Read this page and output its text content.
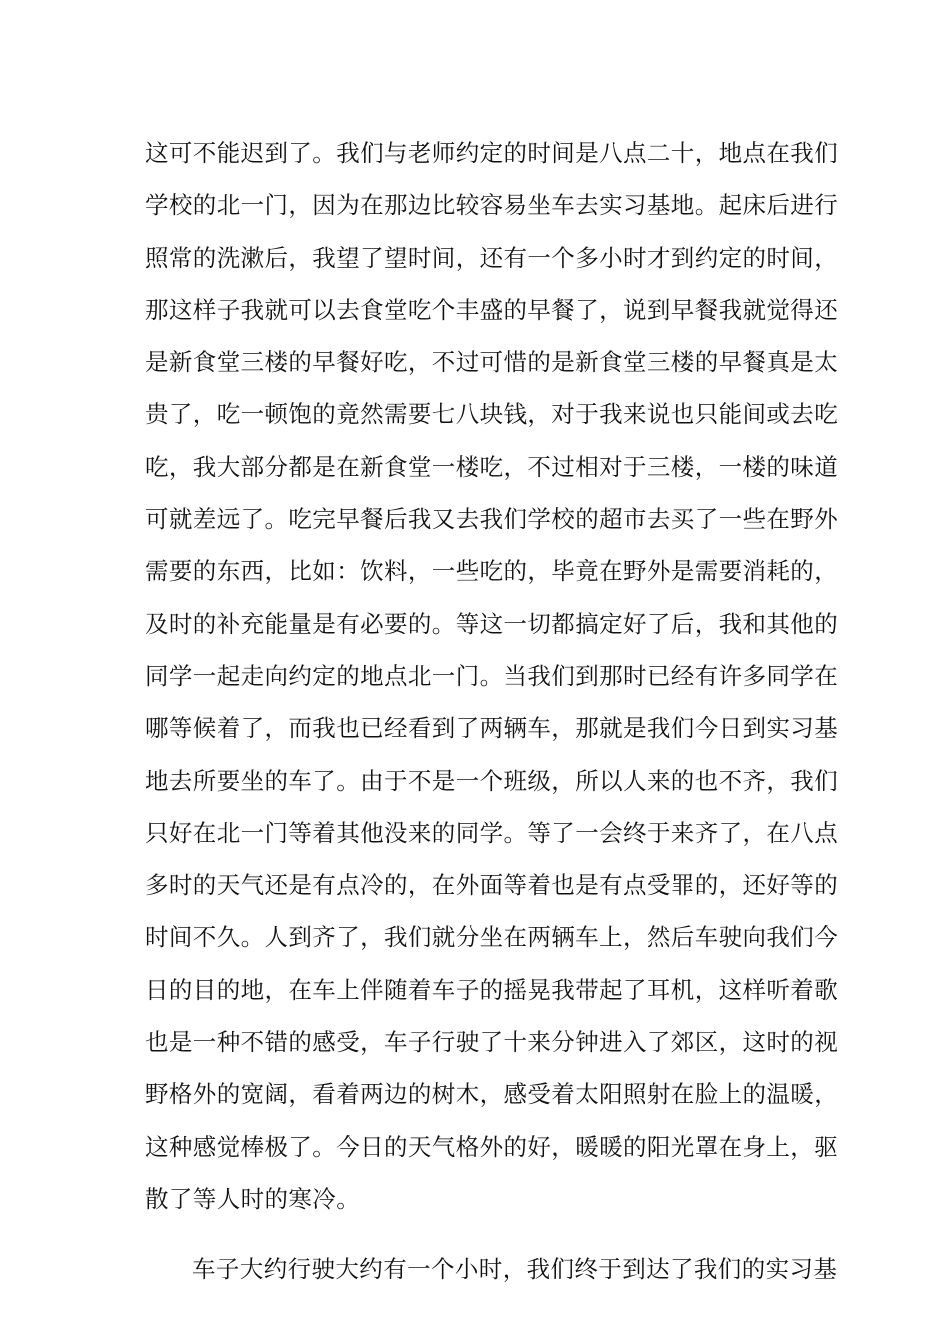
这可不能迟到了。我们与老师约定的时间是八点二十，地点在我们
学校的北一门，因为在那边比较容易坐车去实习基地。起床后进行
照常的洗漱后，我望了望时间，还有一个多小时才到约定的时间，
那这样子我就可以去食堂吃个丰盛的早餐了，说到早餐我就觉得还
是新食堂三楼的早餐好吃，不过可惜的是新食堂三楼的早餐真是太
贵了，吃一顿饱的竟然需要七八块钱，对于我来说也只能间或去吃
吃，我大部分都是在新食堂一楼吃，不过相对于三楼，一楼的味道
可就差远了。吃完早餐后我又去我们学校的超市去买了一些在野外
需要的东西，比如：饮料，一些吃的，毕竟在野外是需要消耗的，
及时的补充能量是有必要的。等这一切都搞定好了后，我和其他的
同学一起走向约定的地点北一门。当我们到那时已经有许多同学在
哪等候着了，而我也已经看到了两辆车，那就是我们今日到实习基
地去所要坐的车了。由于不是一个班级，所以人来的也不齐，我们
只好在北一门等着其他没来的同学。等了一会终于来齐了，在八点
多时的天气还是有点冷的，在外面等着也是有点受罪的，还好等的
时间不久。人到齐了，我们就分坐在两辆车上，然后车驶向我们今
日的目的地，在车上伴随着车子的摇晃我带起了耳机，这样听着歌
也是一种不错的感受，车子行驶了十来分钟进入了郊区，这时的视
野格外的宽阔，看着两边的树木，感受着太阳照射在脸上的温暖，
这种感觉棒极了。今日的天气格外的好，暖暖的阳光罩在身上，驱
散了等人时的寒冷。
车子大约行驶大约有一个小时，我们终于到达了我们的实习基
